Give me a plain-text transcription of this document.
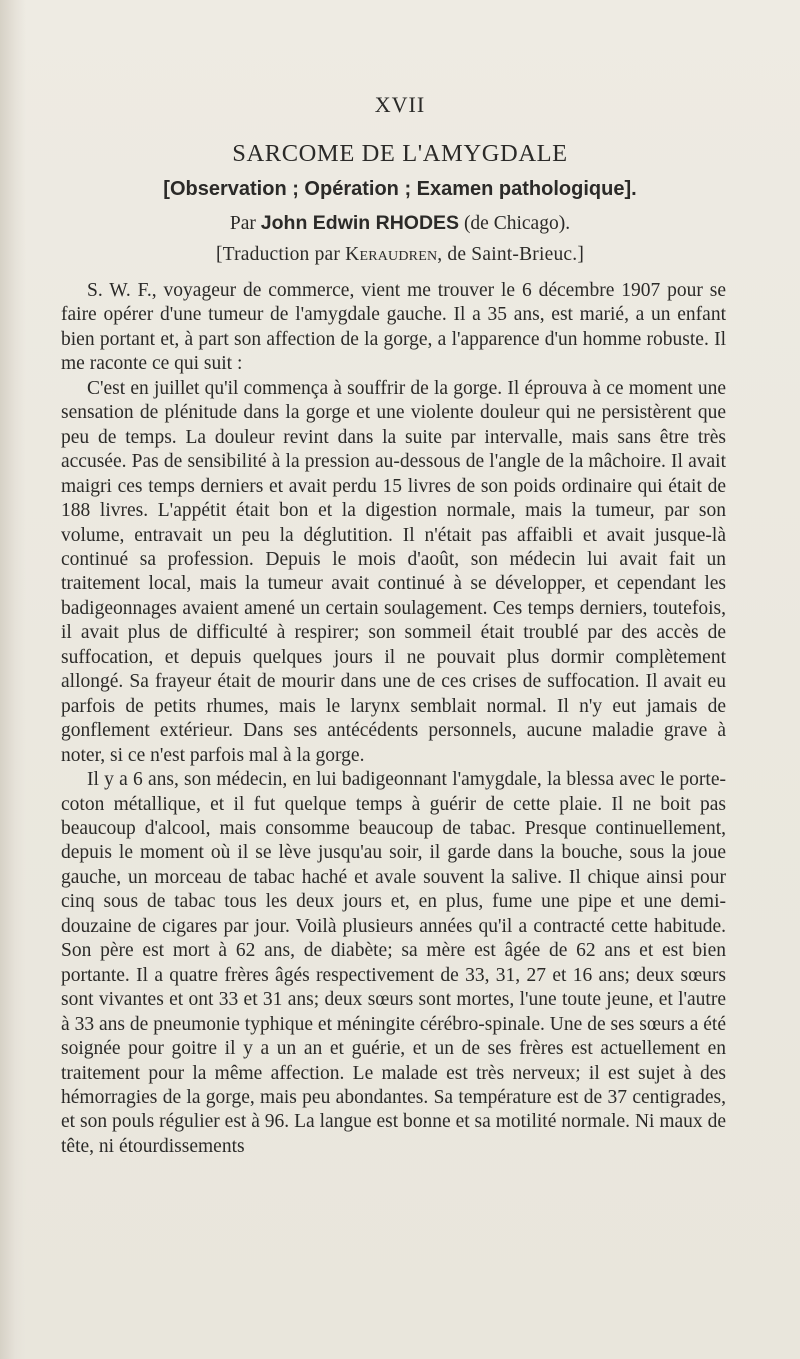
XVII
SARCOME DE L'AMYGDALE
[Observation ; Opération ; Examen pathologique].
Par John Edwin RHODES (de Chicago).
[Traduction par Keraudren, de Saint-Brieuc.]

S. W. F., voyageur de commerce, vient me trouver le 6 décembre 1907 pour se faire opérer d'une tumeur de l'amygdale gauche. Il a 35 ans, est marié, a un enfant bien portant et, à part son affection de la gorge, a l'apparence d'un homme robuste. Il me raconte ce qui suit :

C'est en juillet qu'il commença à souffrir de la gorge. Il éprouva à ce moment une sensation de plénitude dans la gorge et une violente douleur qui ne persistèrent que peu de temps. La douleur revint dans la suite par intervalle, mais sans être très accusée. Pas de sensibilité à la pression au-dessous de l'angle de la mâchoire. Il avait maigri ces temps derniers et avait perdu 15 livres de son poids ordinaire qui était de 188 livres. L'appétit était bon et la digestion normale, mais la tumeur, par son volume, entravait un peu la déglutition. Il n'était pas affaibli et avait jusque-là continué sa profession. Depuis le mois d'août, son médecin lui avait fait un traitement local, mais la tumeur avait continué à se développer, et cependant les badigeonnages avaient amené un certain soulagement. Ces temps derniers, toutefois, il avait plus de difficulté à respirer; son sommeil était troublé par des accès de suffocation, et depuis quelques jours il ne pouvait plus dormir complètement allongé. Sa frayeur était de mourir dans une de ces crises de suffocation. Il avait eu parfois de petits rhumes, mais le larynx semblait normal. Il n'y eut jamais de gonflement extérieur. Dans ses antécédents personnels, aucune maladie grave à noter, si ce n'est parfois mal à la gorge.

Il y a 6 ans, son médecin, en lui badigeonnant l'amygdale, la blessa avec le porte-coton métallique, et il fut quelque temps à guérir de cette plaie. Il ne boit pas beaucoup d'alcool, mais consomme beaucoup de tabac. Presque continuellement, depuis le moment où il se lève jusqu'au soir, il garde dans la bouche, sous la joue gauche, un morceau de tabac haché et avale souvent la salive. Il chique ainsi pour cinq sous de tabac tous les deux jours et, en plus, fume une pipe et une demi-douzaine de cigares par jour. Voilà plusieurs années qu'il a contracté cette habitude. Son père est mort à 62 ans, de diabète; sa mère est âgée de 62 ans et est bien portante. Il a quatre frères âgés respectivement de 33, 31, 27 et 16 ans; deux sœurs sont vivantes et ont 33 et 31 ans; deux sœurs sont mortes, l'une toute jeune, et l'autre à 33 ans de pneumonie typhique et méningite cérébro-spinale. Une de ses sœurs a été soignée pour goitre il y a un an et guérie, et un de ses frères est actuellement en traitement pour la même affection. Le malade est très nerveux; il est sujet à des hémorragies de la gorge, mais peu abondantes. Sa température est de 37 centigrades, et son pouls régulier est à 96. La langue est bonne et sa motilité normale. Ni maux de tête, ni étourdissements
